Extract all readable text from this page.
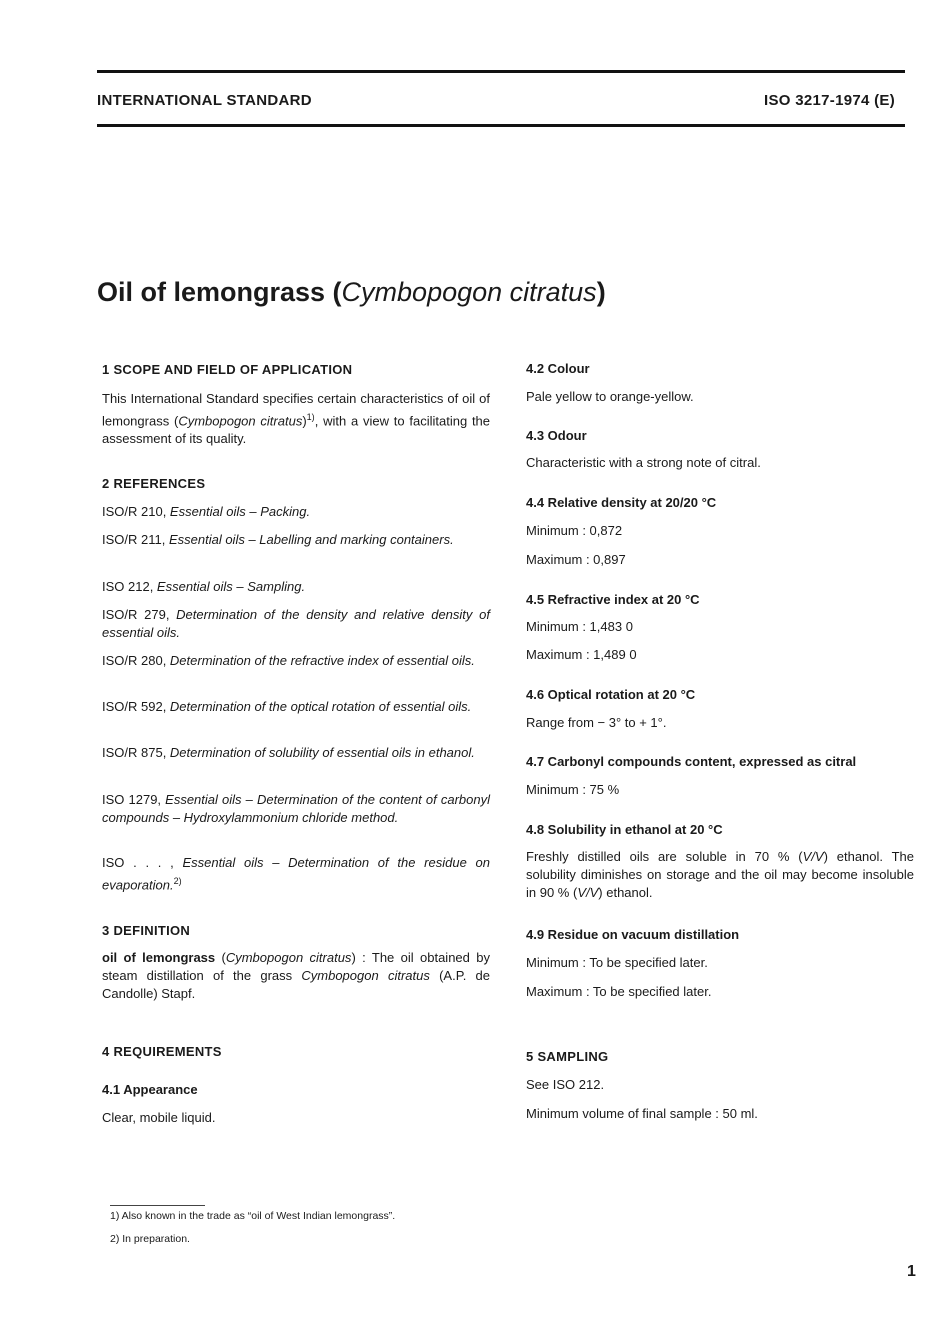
INTERNATIONAL STANDARD	ISO 3217-1974 (E)
Oil of lemongrass (Cymbopogon citratus)
1 SCOPE AND FIELD OF APPLICATION
This International Standard specifies certain characteristics of oil of lemongrass (Cymbopogon citratus)$^{1)}$, with a view to facilitating the assessment of its quality.
2 REFERENCES
ISO/R 210, Essential oils – Packing.
ISO/R 211, Essential oils – Labelling and marking containers.
ISO 212, Essential oils – Sampling.
ISO/R 279, Determination of the density and relative density of essential oils.
ISO/R 280, Determination of the refractive index of essential oils.
ISO/R 592, Determination of the optical rotation of essential oils.
ISO/R 875, Determination of solubility of essential oils in ethanol.
ISO 1279, Essential oils – Determination of the content of carbonyl compounds – Hydroxylammonium chloride method.
ISO . . . , Essential oils – Determination of the residue on evaporation.$^{2)}$
3 DEFINITION
oil of lemongrass (Cymbopogon citratus) : The oil obtained by steam distillation of the grass Cymbopogon citratus (A.P. de Candolle) Stapf.
4 REQUIREMENTS
4.1 Appearance
Clear, mobile liquid.
4.2 Colour
Pale yellow to orange-yellow.
4.3 Odour
Characteristic with a strong note of citral.
4.4 Relative density at 20/20 °C
Minimum : 0,872
Maximum : 0,897
4.5 Refractive index at 20 °C
Minimum : 1,483 0
Maximum : 1,489 0
4.6 Optical rotation at 20 °C
Range from − 3° to + 1°.
4.7 Carbonyl compounds content, expressed as citral
Minimum : 75 %
4.8 Solubility in ethanol at 20 °C
Freshly distilled oils are soluble in 70 % (V/V) ethanol. The solubility diminishes on storage and the oil may become insoluble in 90 % (V/V) ethanol.
4.9 Residue on vacuum distillation
Minimum : To be specified later.
Maximum : To be specified later.
5 SAMPLING
See ISO 212.
Minimum volume of final sample : 50 ml.
1) Also known in the trade as “oil of West Indian lemongrass”.
2) In preparation.
1
